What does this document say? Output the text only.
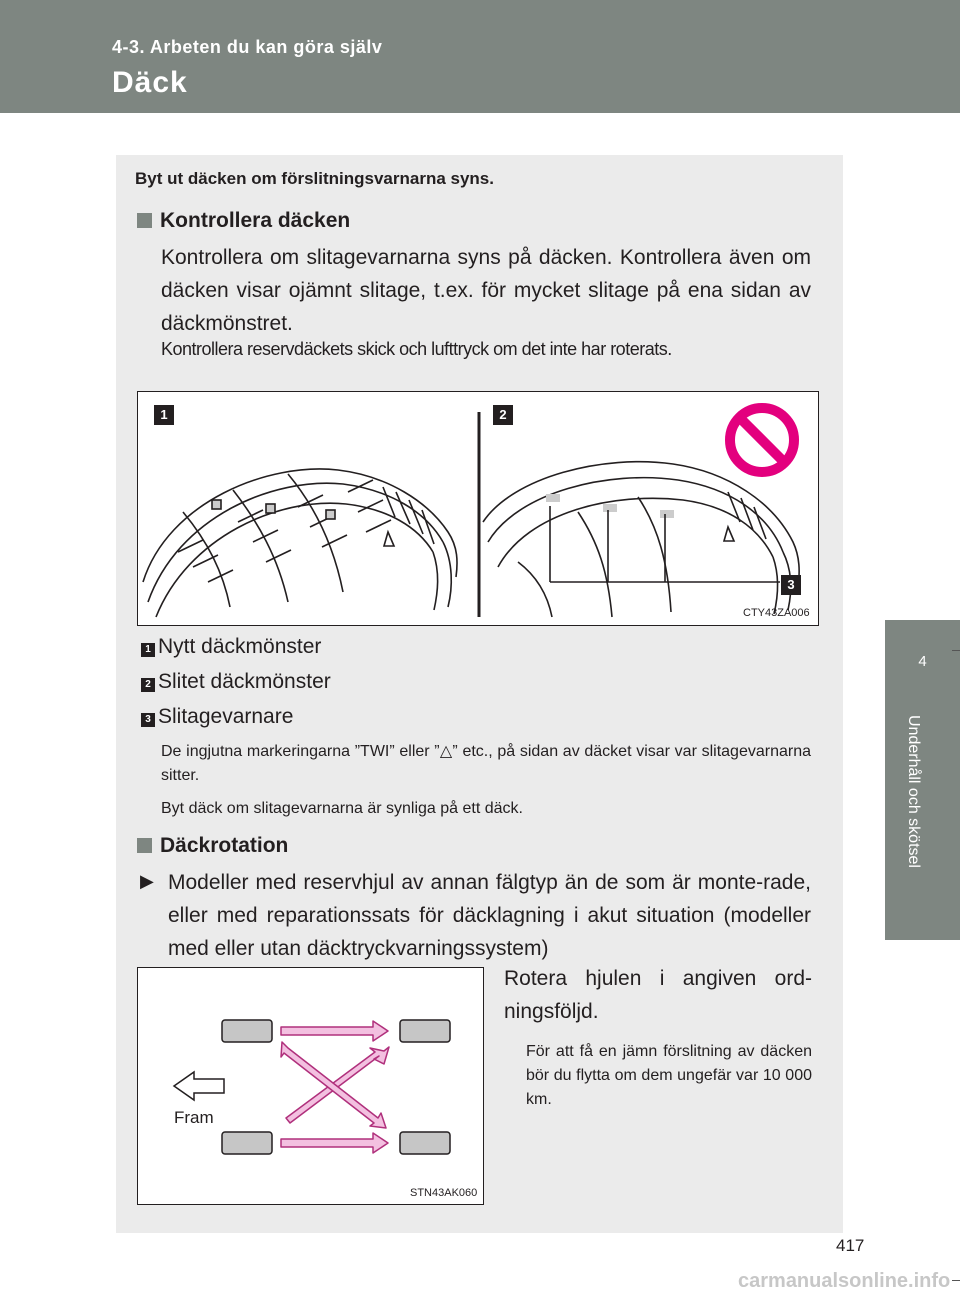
4-3. Arbeten du kan göra själv
Däck
4
Underhåll och skötsel
Byt ut däcken om förslitningsvarnarna syns.
Kontrollera däcken
Kontrollera om slitagevarnarna syns på däcken. Kontrollera även om däcken visar ojämnt slitage, t.ex. för mycket slitage på ena sidan av däckmönstret.
Kontrollera reservdäckets skick och lufttryck om det inte har roterats.
1	2
3
CTY43ZA006
1 Nytt däckmönster
2 Slitet däckmönster
3 Slitagevarnare
De ingjutna markeringarna ”TWI” eller ”△” etc., på sidan av däcket visar var slitagevarnarna sitter.
Byt däck om slitagevarnarna är synliga på ett däck.
Däckrotation
▶ Modeller med reservhjul av annan fälgtyp än de som är monte-rade, eller med reparationssats för däcklagning i akut situation (modeller med eller utan däcktryckvarningssystem)
Fram
STN43AK060
Rotera hjulen i angiven ord-ningsföljd.
För att få en jämn förslitning av däcken bör du flytta om dem ungefär var 10 000 km.
417
carmanualsonline.info
